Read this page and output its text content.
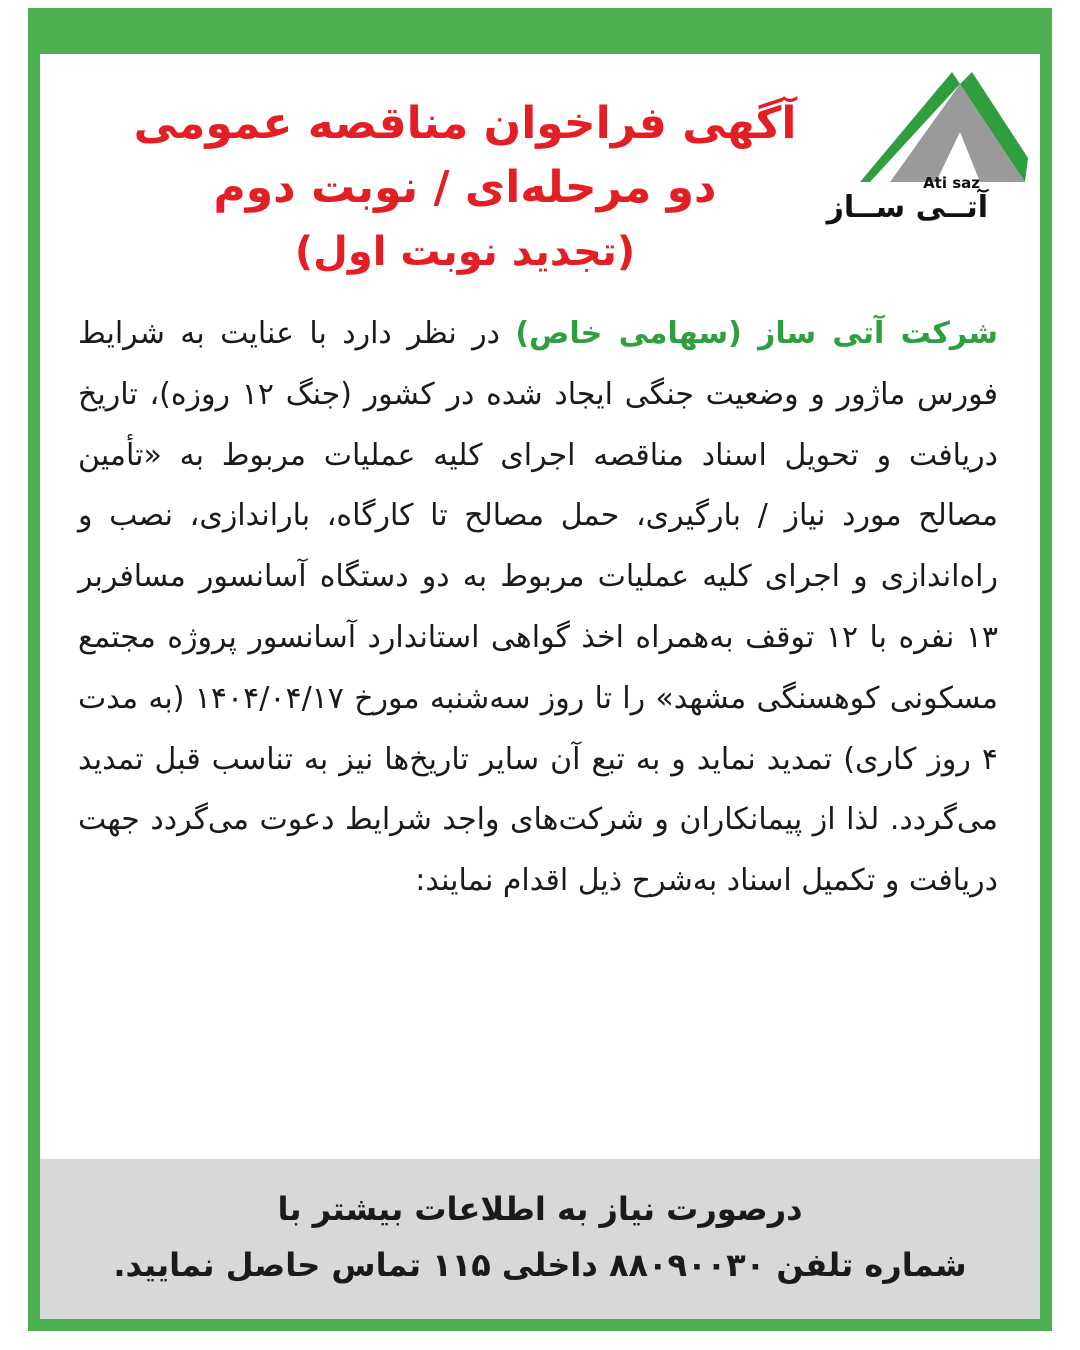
Ati saz
آتــی ســاز
آگهی فراخوان مناقصه عمومی
دو مرحله‌ای / نوبت دوم
(تجدید نوبت اول)
شرکت آتی ساز (سهامی خاص) در نظر دارد با عنایت به شرایط فورس ماژور و وضعیت جنگی ایجاد شده در کشور (جنگ ۱۲ روزه)، تاریخ دریافت و تحویل اسناد مناقصه اجرای کلیه عملیات مربوط به «تأمین مصالح مورد نیاز / بارگیری، حمل مصالح تا کارگاه، باراندازی، نصب و راه‌اندازی و اجرای کلیه عملیات مربوط به دو دستگاه آسانسور مسافربر ۱۳ نفره با ۱۲ توقف به‌همراه اخذ گواهی استاندارد آسانسور پروژه مجتمع مسکونی کوهسنگی مشهد» را تا روز سه‌شنبه مورخ ۱۴۰۴/۰۴/۱۷ (به مدت ۴ روز کاری) تمدید نماید و به تبع آن سایر تاریخ‌ها نیز به تناسب قبل تمدید می‌گردد. لذا از پیمانکاران و شرکت‌های واجد شرایط دعوت می‌گردد جهت دریافت و تکمیل اسناد به‌شرح ذیل اقدام نمایند:
درصورت نیاز به اطلاعات بیشتر با
شماره تلفن ۸۸۰۹۰۰۳۰ داخلی ۱۱۵ تماس حاصل نمایید.
